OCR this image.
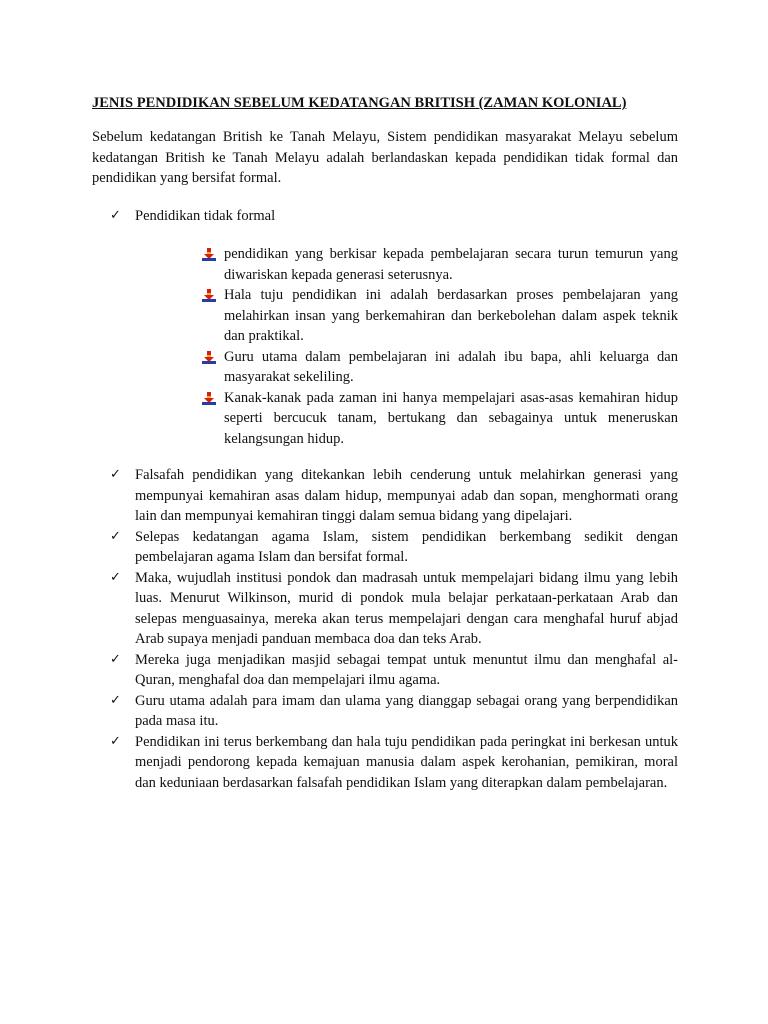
JENIS PENDIDIKAN SEBELUM KEDATANGAN BRITISH (ZAMAN KOLONIAL)

Sebelum kedatangan British ke Tanah Melayu, Sistem pendidikan masyarakat Melayu sebelum kedatangan British ke Tanah Melayu adalah berlandaskan kepada pendidikan tidak formal dan pendidikan yang bersifat formal.

✓ Pendidikan tidak formal
pendidikan yang berkisar kepada pembelajaran secara turun temurun yang diwariskan kepada generasi seterusnya.
Hala tuju pendidikan ini adalah berdasarkan proses pembelajaran yang melahirkan insan yang berkemahiran dan berkebolehan dalam aspek teknik dan praktikal.
Guru utama dalam pembelajaran ini adalah ibu bapa, ahli keluarga dan masyarakat sekeliling.
Kanak-kanak pada zaman ini hanya mempelajari asas-asas kemahiran hidup seperti bercucuk tanam, bertukang dan sebagainya untuk meneruskan kelangsungan hidup.
✓ Falsafah pendidikan yang ditekankan lebih cenderung untuk melahirkan generasi yang mempunyai kemahiran asas dalam hidup, mempunyai adab dan sopan, menghormati orang lain dan mempunyai kemahiran tinggi dalam semua bidang yang dipelajari.
✓ Selepas kedatangan agama Islam, sistem pendidikan berkembang sedikit dengan pembelajaran agama Islam dan bersifat formal.
✓ Maka, wujudlah institusi pondok dan madrasah untuk mempelajari bidang ilmu yang lebih luas. Menurut Wilkinson, murid di pondok mula belajar perkataan-perkataan Arab dan selepas menguasainya, mereka akan terus mempelajari dengan cara menghafal huruf abjad Arab supaya menjadi panduan membaca doa dan teks Arab.
✓ Mereka juga menjadikan masjid sebagai tempat untuk menuntut ilmu dan menghafal al-Quran, menghafal doa dan mempelajari ilmu agama.
✓ Guru utama adalah para imam dan ulama yang dianggap sebagai orang yang berpendidikan pada masa itu.
✓ Pendidikan ini terus berkembang dan hala tuju pendidikan pada peringkat ini berkesan untuk menjadi pendorong kepada kemajuan manusia dalam aspek kerohanian, pemikiran, moral dan keduniaan berdasarkan falsafah pendidikan Islam yang diterapkan dalam pembelajaran.
